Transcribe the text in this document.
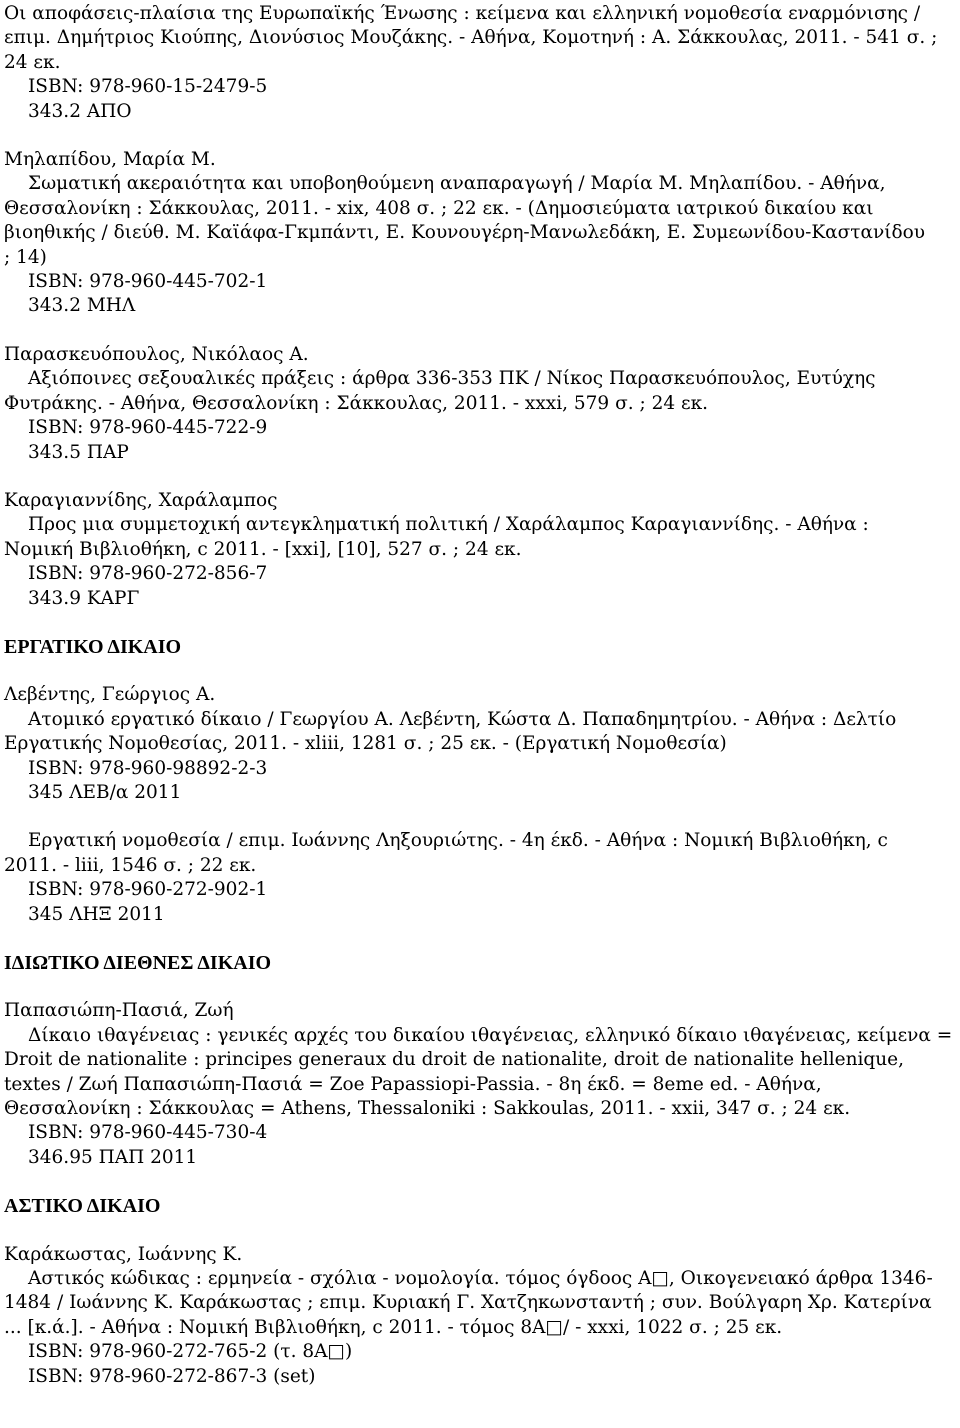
Οι αποφάσεις-πλαίσια της Ευρωπαϊκής Ένωσης : κείμενα και ελληνική νομοθεσία εναρμόνισης /
επιμ. Δημήτριος Κιούπης, Διονύσιος Μουζάκης. - Αθήνα, Κομοτηνή : Α. Σάκκουλας, 2011. - 541 σ. ;
24 εκ.
ISBN: 978-960-15-2479-5
343.2 ΑΠΟ
Μηλαπίδου, Μαρία Μ.
Σωματική ακεραιότητα και υποβοηθούμενη αναπαραγωγή / Μαρία Μ. Μηλαπίδου. - Αθήνα,
Θεσσαλονίκη : Σάκκουλας, 2011. - xix, 408 σ. ; 22 εκ. - (Δημοσιεύματα ιατρικού δικαίου και
βιοηθικής / διεύθ. Μ. Καϊάφα-Γκμπάντι, Ε. Κουνουγέρη-Μανωλεδάκη, Ε. Συμεωνίδου-Καστανίδου
; 14)
ISBN: 978-960-445-702-1
343.2 ΜΗΛ
Παρασκευόπουλος, Νικόλαος Α.
Αξιόποινες σεξουαλικές πράξεις : άρθρα 336-353 ΠΚ / Νίκος Παρασκευόπουλος, Ευτύχης
Φυτράκης. - Αθήνα, Θεσσαλονίκη : Σάκκουλας, 2011. - xxxi, 579 σ. ; 24 εκ.
ISBN: 978-960-445-722-9
343.5 ΠΑΡ
Καραγιαννίδης, Χαράλαμπος
Προς μια συμμετοχική αντεγκληματική πολιτική / Χαράλαμπος Καραγιαννίδης. - Αθήνα :
Νομική Βιβλιοθήκη, c 2011. - [xxi], [10], 527 σ. ; 24 εκ.
ISBN: 978-960-272-856-7
343.9 ΚΑΡΓ
ΕΡΓΑΤΙΚΟ ΔΙΚΑΙΟ
Λεβέντης, Γεώργιος Α.
Ατομικό εργατικό δίκαιο / Γεωργίου Α. Λεβέντη, Κώστα Δ. Παπαδημητρίου. - Αθήνα : Δελτίο
Εργατικής Νομοθεσίας, 2011. - xliii, 1281 σ. ; 25 εκ. - (Εργατική Νομοθεσία)
ISBN: 978-960-98892-2-3
345 ΛΕΒ/α 2011
Εργατική νομοθεσία / επιμ. Ιωάννης Ληξουριώτης. - 4η έκδ. - Αθήνα : Νομική Βιβλιοθήκη, c
2011. - liii, 1546 σ. ; 22 εκ.
ISBN: 978-960-272-902-1
345 ΛΗΞ 2011
ΙΔΙΩΤΙΚΟ ΔΙΕΘΝΕΣ ΔΙΚΑΙΟ
Παπασιώπη-Πασιά, Ζωή
Δίκαιο ιθαγένειας : γενικές αρχές του δικαίου ιθαγένειας, ελληνικό δίκαιο ιθαγένειας, κείμενα =
Droit de nationalite : principes generaux du droit de nationalite, droit de nationalite hellenique,
textes / Ζωή Παπασιώπη-Πασιά = Zoe Papassiopi-Passia. - 8η έκδ. = 8eme ed. - Αθήνα,
Θεσσαλονίκη : Σάκκουλας = Athens, Thessaloniki : Sakkoulas, 2011. - xxii, 347 σ. ; 24 εκ.
ISBN: 978-960-445-730-4
346.95 ΠΑΠ 2011
ΑΣΤΙΚΟ ΔΙΚΑΙΟ
Καράκωστας, Ιωάννης Κ.
Αστικός κώδικας : ερμηνεία - σχόλια - νομολογία. τόμος όγδοος Α□, Οικογενειακό άρθρα 1346-
1484 / Ιωάννης Κ. Καράκωστας ; επιμ. Κυριακή Γ. Χατζηκωνσταντή ; συν. Βούλγαρη Χρ. Κατερίνα
... [κ.ά.]. - Αθήνα : Νομική Βιβλιοθήκη, c 2011. - τόμος 8Α□/ - xxxi, 1022 σ. ; 25 εκ.
ISBN: 978-960-272-765-2 (τ. 8Α□)
ISBN: 978-960-272-867-3 (set)
